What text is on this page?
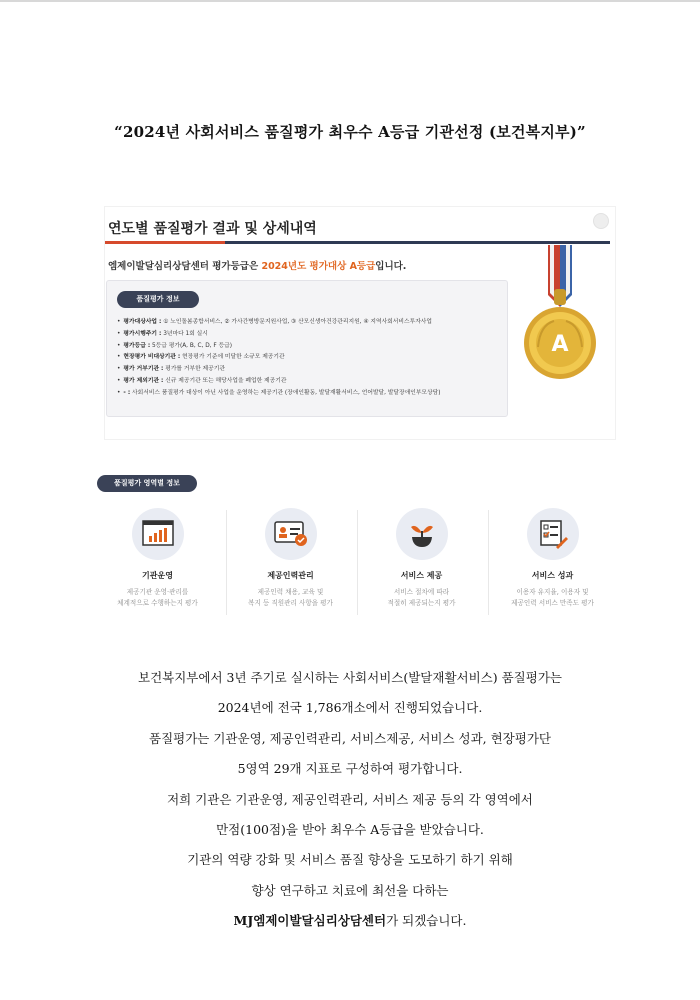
“2024년 사회서비스 품질평가 최우수 A등급 기관선정 (보건복지부)”
연도별 품질평가 결과 및 상세내역
엠제이발달심리상담센터 평가등급은 2024년도 평가대상 A등급입니다.
품질평가 정보
• 평가대상사업 : ① 노인돌봄종합서비스, ② 가사간병방문지원사업, ③ 산모신생아건강관리지원, ④ 지역사회서비스투자사업
• 평가시행주기 : 3년마다 1회 실시
• 평가등급 : 5등급 평가(A, B, C, D, F 등급)
• 현장평가 비대상기관 : 현장평가 기준에 미달한 소규모 제공기관
• 평가 거부기관 : 평가를 거부한 제공기관
• 평가 제외기관 : 신규 제공기관 또는 해당사업을 폐업한 제공기관
• - : 사회서비스 품질평가 대상이 아닌 사업을 운영하는 제공기관 (장애인활동, 발달재활서비스, 언어발달, 발달장애인부모상담)
A
품질평가 영역별 정보
기관운영
제공기관 운영·관리를
체계적으로 수행하는지 평가
제공인력관리
제공인력 채용, 교육 및
복지 등 직원관리 사항을 평가
서비스 제공
서비스 절차에 따라
적절히 제공되는지 평가
서비스 성과
이용자 유지율, 이용자 및
제공인력 서비스 만족도 평가
보건복지부에서 3년 주기로 실시하는 사회서비스(발달재활서비스) 품질평가는
2024년에 전국 1,786개소에서 진행되었습니다.
품질평가는 기관운영, 제공인력관리, 서비스제공, 서비스 성과, 현장평가단
5영역 29개 지표로 구성하여 평가합니다.
저희 기관은 기관운영, 제공인력관리, 서비스 제공 등의 각 영역에서
만점(100점)을 받아 최우수 A등급을 받았습니다.
기관의 역량 강화 및 서비스 품질 향상을 도모하기 하기 위해
향상 연구하고 치료에 최선을 다하는
MJ엠제이발달심리상담센터가 되겠습니다.
